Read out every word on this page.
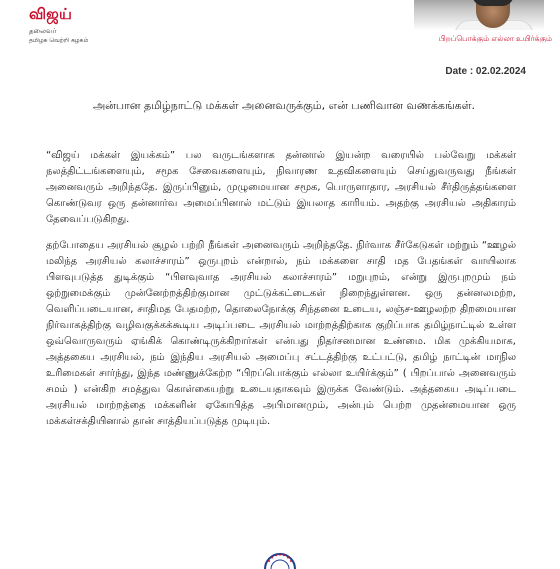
விஜய்
தலைவர்
தமிழக வெற்றி கழகம்	பிறப்பொக்கும் எல்லா உயிர்க்கும்
Date : 02.02.2024
அன்பான தமிழ்நாட்டு மக்கள் அனைவருக்கும், என் பணிவான வணக்கங்கள்.

“விஜய் மக்கள் இயக்கம்” பல வருடங்களாக தன்னால் இயன்ற வரையில் பல்வேறு மக்கள் நலத்திட்டங்களையும், சமூக சேவைகளையும், நிவாரண உதவிகளையும் செய்துவருவது நீங்கள் அனைவரும் அறிந்ததே. இருப்பினும், முழுமையான சமூக, பொருளாதார, அரசியல் சீர்திருத்தங்களை கொண்டுவர ஒரு தன்னார்வ அமைப்பினால் மட்டும் இயலாத காரியம். அதற்கு அரசியல் அதிகாரம் தேவைப்படுகிறது.

தற்போதைய அரசியல் சூழல் பற்றி நீங்கள் அனைவரும் அறிந்ததே. நிர்வாக சீர்கேடுகள் மற்றும் “ஊழல் மலிந்த அரசியல் கலாச்சாரம்” ஒருபுறம் என்றால், நம் மக்களை சாதி மத பேதங்கள் வாயிலாக பிளவுபடுத்த துடிக்கும் “பிளவுவாத அரசியல் கலாச்சாரம்” மறுபுறம், என்று இருபுறமும் நம் ஒற்றுமைக்கும் முன்னேற்றத்திற்குமான முட்டுக்கட்டைகள் நிறைந்துள்ளன. ஒரு தன்னலமற்ற, வெளிப்படையான, சாதிமத பேதமற்ற, தொலைநோக்கு சிந்தனை உடைய, லஞ்ச-ஊழலற்ற திறமையான நிர்வாகத்திற்கு வழிவகுக்கக்கூடிய அடிப்படை அரசியல் மாற்றத்திற்காக குறிப்பாக தமிழ்நாட்டில் உள்ள ஒவ்வொருவரும் ஏங்கிக் கொண்டிருக்கிறார்கள் என்பது நிதர்சனமான உண்மை. மிக முக்கியமாக, அத்தகைய அரசியல், நம் இந்திய அரசியல் அமைப்பு சட்டத்திற்கு உட்பட்டு, தமிழ் நாட்டின் மாநில உரிமைகள் சார்ந்து, இந்த மண்ணுக்கேற்ற “பிறப்பொக்கும் எல்லா உயிர்க்கும்” ( பிறப்பால் அனைவரும் சமம் ) என்கிற சமத்துவ கொள்கையற்று உடையதாகவும் இருக்க வேண்டும். அத்தகைய அடிப்படை அரசியல் மாற்றத்தை மக்களின் ஏகோபித்த அபிமானமும், அன்பும் பெற்ற முதன்மையான ஒரு மக்கள்சக்தியினால் தான் சாத்தியப்படுத்த முடியும்.
